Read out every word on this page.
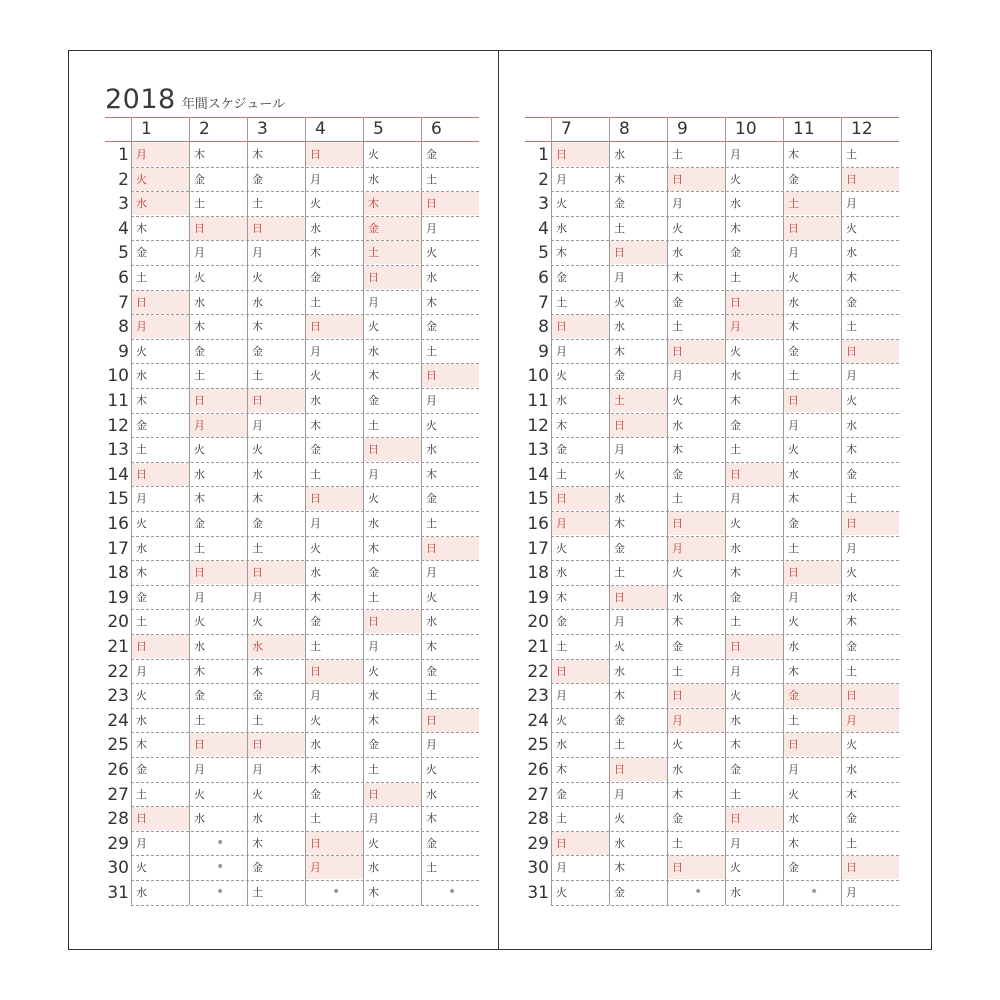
2018 年間スケジュール
1	2	3	4	5	6
1 月	木	木	日	火	金
2 火	金	金	月	水	土
3 水	土	土	火	木	日
4 木	日	日	水	金	月
5 金	月	月	木	土	火
6 土	火	火	金	日	水
7 日	水	水	土	月	木
8 月	木	木	日	火	金
9 火	金	金	月	水	土
10 水	土	土	火	木	日
11 木	日	日	水	金	月
12 金	月	月	木	土	火
13 土	火	火	金	日	水
14 日	水	水	土	月	木
15 月	木	木	日	火	金
16 火	金	金	月	水	土
17 水	土	土	火	木	日
18 木	日	日	水	金	月
19 金	月	月	木	土	火
20 土	火	火	金	日	水
21 日	水	水	土	月	木
22 月	木	木	日	火	金
23 火	金	金	月	水	土
24 水	土	土	火	木	日
25 木	日	日	水	金	月
26 金	月	月	木	土	火
27 土	火	火	金	日	水
28 日	水	水	土	月	木
29 月	•	木	日	火	金
30 火	•	金	月	水	土
31 水	•	土	•	木	•
7	8	9	10	11	12
1 日	水	土	月	木	土
2 月	木	日	火	金	日
3 火	金	月	水	土	月
4 水	土	火	木	日	火
5 木	日	水	金	月	水
6 金	月	木	土	火	木
7 土	火	金	日	水	金
8 日	水	土	月	木	土
9 月	木	日	火	金	日
10 火	金	月	水	土	月
11 水	土	火	木	日	火
12 木	日	水	金	月	水
13 金	月	木	土	火	木
14 土	火	金	日	水	金
15 日	水	土	月	木	土
16 月	木	日	火	金	日
17 火	金	月	水	土	月
18 水	土	火	木	日	火
19 木	日	水	金	月	水
20 金	月	木	土	火	木
21 土	火	金	日	水	金
22 日	水	土	月	木	土
23 月	木	日	火	金	日
24 火	金	月	水	土	月
25 水	土	火	木	日	火
26 木	日	水	金	月	水
27 金	月	木	土	火	木
28 土	火	金	日	水	金
29 日	水	土	月	木	土
30 月	木	日	火	金	日
31 火	金	•	水	•	月
